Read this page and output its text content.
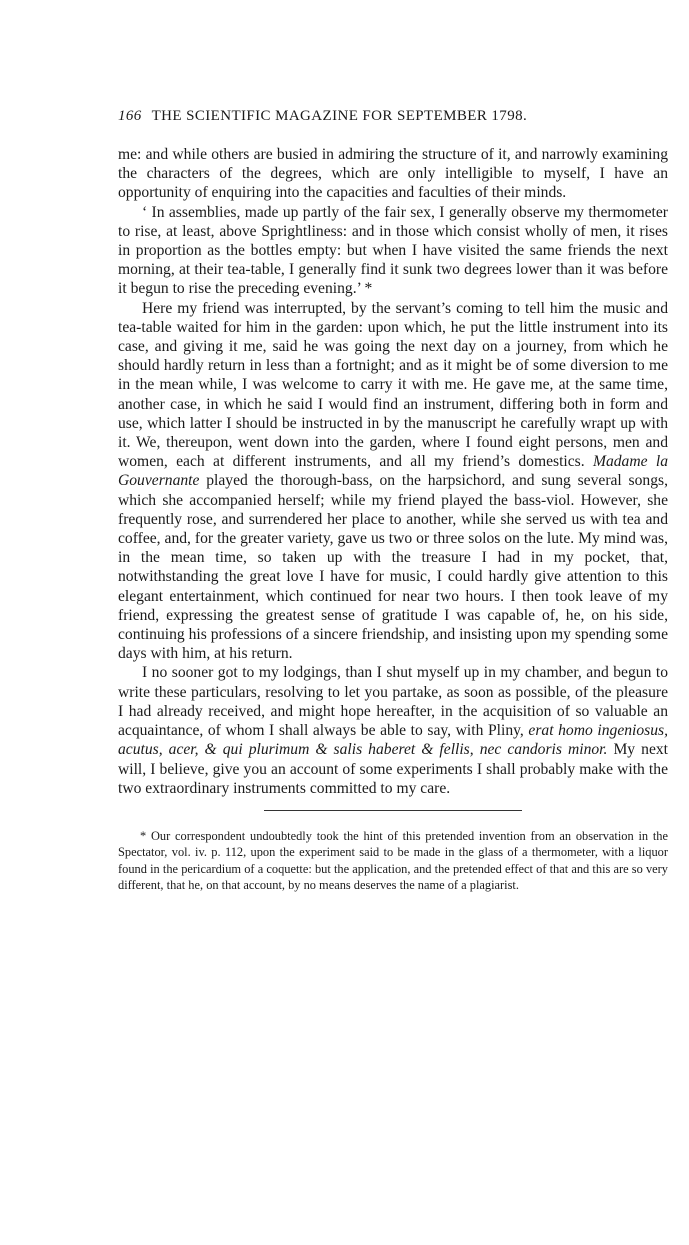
166 THE SCIENTIFIC MAGAZINE FOR SEPTEMBER 1798.

me: and while others are busied in admiring the structure of it, and narrowly examining the characters of the degrees, which are only intelligible to myself, I have an opportunity of enquiring into the capacities and faculties of their minds.

‘ In assemblies, made up partly of the fair sex, I generally observe my thermometer to rise, at least, above Sprightliness: and in those which consist wholly of men, it rises in proportion as the bottles empty: but when I have visited the same friends the next morning, at their tea-table, I generally find it sunk two degrees lower than it was before it begun to rise the preceding evening.’ *

Here my friend was interrupted, by the servant’s coming to tell him the music and tea-table waited for him in the garden: upon which, he put the little instrument into its case, and giving it me, said he was going the next day on a journey, from which he should hardly return in less than a fortnight; and as it might be of some diversion to me in the mean while, I was welcome to carry it with me. He gave me, at the same time, another case, in which he said I would find an instrument, differing both in form and use, which latter I should be instructed in by the manuscript he carefully wrapt up with it. We, thereupon, went down into the garden, where I found eight persons, men and women, each at different instruments, and all my friend’s domestics. Madame la Gouvernante played the thorough-bass, on the harpsichord, and sung several songs, which she accompanied herself; while my friend played the bass-viol. However, she frequently rose, and surrendered her place to another, while she served us with tea and coffee, and, for the greater variety, gave us two or three solos on the lute. My mind was, in the mean time, so taken up with the treasure I had in my pocket, that, notwithstanding the great love I have for music, I could hardly give attention to this elegant entertainment, which continued for near two hours. I then took leave of my friend, expressing the greatest sense of gratitude I was capable of, he, on his side, continuing his professions of a sincere friendship, and insisting upon my spending some days with him, at his return.

I no sooner got to my lodgings, than I shut myself up in my chamber, and begun to write these particulars, resolving to let you partake, as soon as possible, of the pleasure I had already received, and might hope hereafter, in the acquisition of so valuable an acquaintance, of whom I shall always be able to say, with Pliny, erat homo ingeniosus, acutus, acer, & qui plurimum & salis haberet & fellis, nec candoris minor. My next will, I believe, give you an account of some experiments I shall probably make with the two extraordinary instruments committed to my care.

* Our correspondent undoubtedly took the hint of this pretended invention from an observation in the Spectator, vol. iv. p. 112, upon the experiment said to be made in the glass of a thermometer, with a liquor found in the pericardium of a coquette: but the application, and the pretended effect of that and this are so very different, that he, on that account, by no means deserves the name of a plagiarist.
